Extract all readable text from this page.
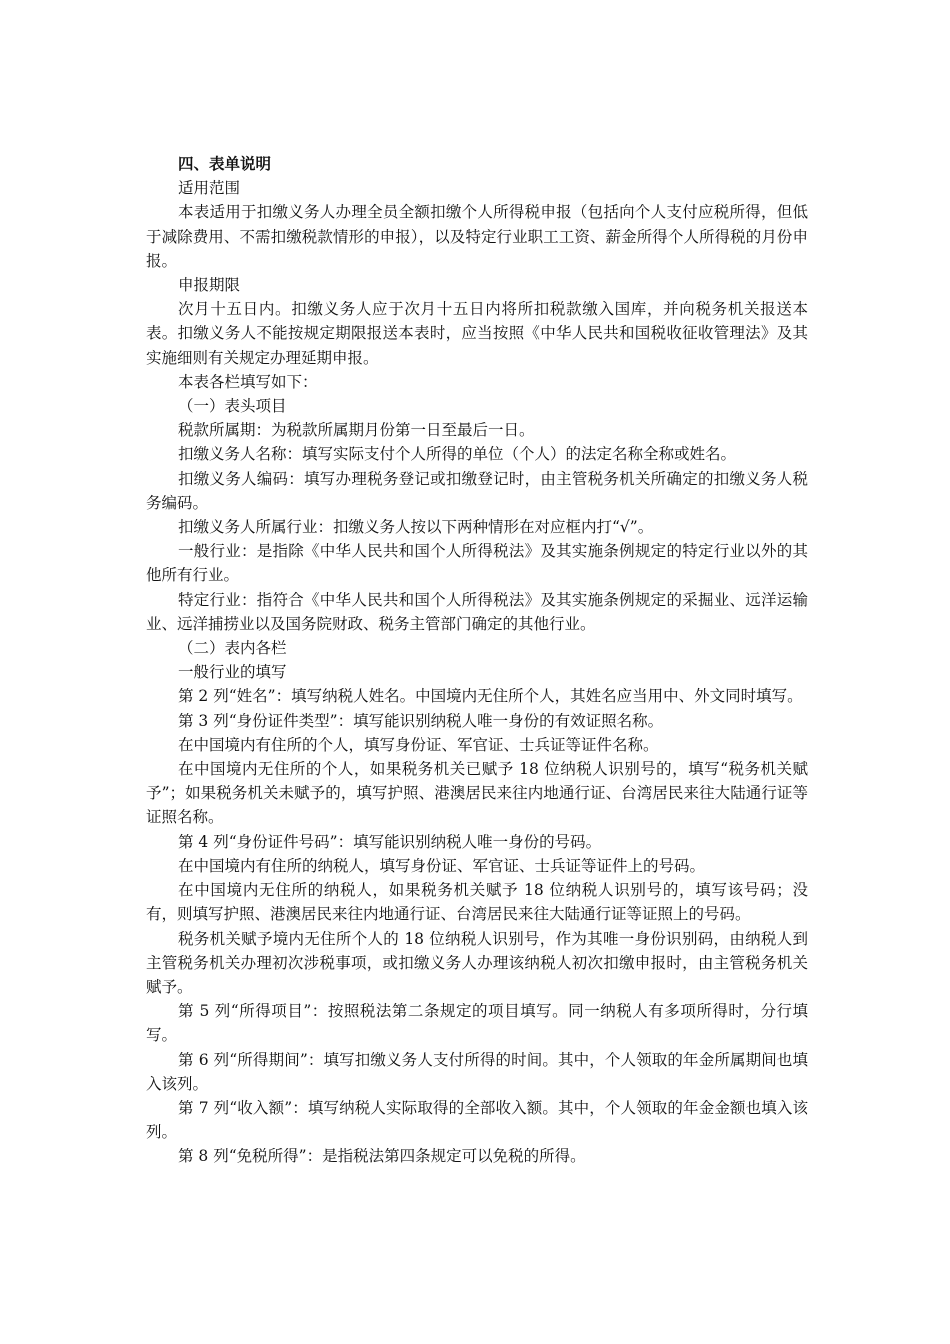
四、表单说明

适用范围

本表适用于扣缴义务人办理全员全额扣缴个人所得税申报（包括向个人支付应税所得，但低于减除费用、不需扣缴税款情形的申报），以及特定行业职工工资、薪金所得个人所得税的月份申报。

申报期限

次月十五日内。扣缴义务人应于次月十五日内将所扣税款缴入国库，并向税务机关报送本表。扣缴义务人不能按规定期限报送本表时，应当按照《中华人民共和国税收征收管理法》及其实施细则有关规定办理延期申报。

本表各栏填写如下：

（一）表头项目

税款所属期：为税款所属期月份第一日至最后一日。

扣缴义务人名称：填写实际支付个人所得的单位（个人）的法定名称全称或姓名。

扣缴义务人编码：填写办理税务登记或扣缴登记时，由主管税务机关所确定的扣缴义务人税务编码。

扣缴义务人所属行业：扣缴义务人按以下两种情形在对应框内打“√”。

一般行业：是指除《中华人民共和国个人所得税法》及其实施条例规定的特定行业以外的其他所有行业。

特定行业：指符合《中华人民共和国个人所得税法》及其实施条例规定的采掘业、远洋运输业、远洋捕捞业以及国务院财政、税务主管部门确定的其他行业。

（二）表内各栏

一般行业的填写

第 2 列“姓名”：填写纳税人姓名。中国境内无住所个人，其姓名应当用中、外文同时填写。

第 3 列“身份证件类型”：填写能识别纳税人唯一身份的有效证照名称。

在中国境内有住所的个人，填写身份证、军官证、士兵证等证件名称。

在中国境内无住所的个人，如果税务机关已赋予 18 位纳税人识别号的，填写“税务机关赋予”；如果税务机关未赋予的，填写护照、港澳居民来往内地通行证、台湾居民来往大陆通行证等证照名称。

第 4 列“身份证件号码”：填写能识别纳税人唯一身份的号码。

在中国境内有住所的纳税人，填写身份证、军官证、士兵证等证件上的号码。

在中国境内无住所的纳税人，如果税务机关赋予 18 位纳税人识别号的，填写该号码；没有，则填写护照、港澳居民来往内地通行证、台湾居民来往大陆通行证等证照上的号码。

税务机关赋予境内无住所个人的 18 位纳税人识别号，作为其唯一身份识别码，由纳税人到主管税务机关办理初次涉税事项，或扣缴义务人办理该纳税人初次扣缴申报时，由主管税务机关赋予。

第 5 列“所得项目”：按照税法第二条规定的项目填写。同一纳税人有多项所得时，分行填写。

第 6 列“所得期间”：填写扣缴义务人支付所得的时间。其中，个人领取的年金所属期间也填入该列。

第 7 列“收入额”：填写纳税人实际取得的全部收入额。其中，个人领取的年金金额也填入该列。

第 8 列“免税所得”：是指税法第四条规定可以免税的所得。
